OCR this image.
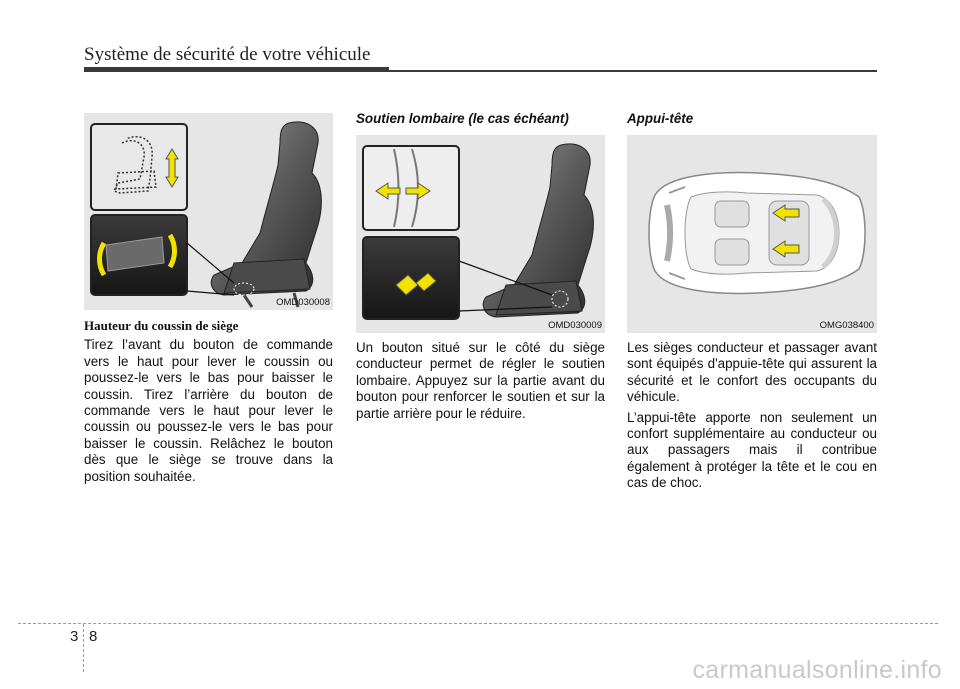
Système de sécurité de votre véhicule
OMD030008
Hauteur du coussin de siège

Tirez l’avant du bouton de commande vers le haut pour lever le coussin ou poussez-le vers le bas pour baisser le coussin. Tirez l’arrière du bouton de commande vers le haut pour lever le coussin ou poussez-le vers le bas pour baisser le coussin. Relâchez le bouton dès que le siège se trouve dans la position souhaitée.

Soutien lombaire (le cas échéant)
OMD030009

Un bouton situé sur le côté du siège conducteur permet de régler le soutien lombaire. Appuyez sur la partie avant du bouton pour renforcer le soutien et sur la partie arrière pour le réduire.

Appui-tête
OMG038400

Les sièges conducteur et passager avant sont équipés d'appuie-tête qui assurent la sécurité et le confort des occupants du véhicule.

L’appui-tête apporte non seulement un confort supplémentaire au conducteur ou aux passagers mais il contribue également à protéger la tête et le cou en cas de choc.

3 8
carmanualsonline.info
